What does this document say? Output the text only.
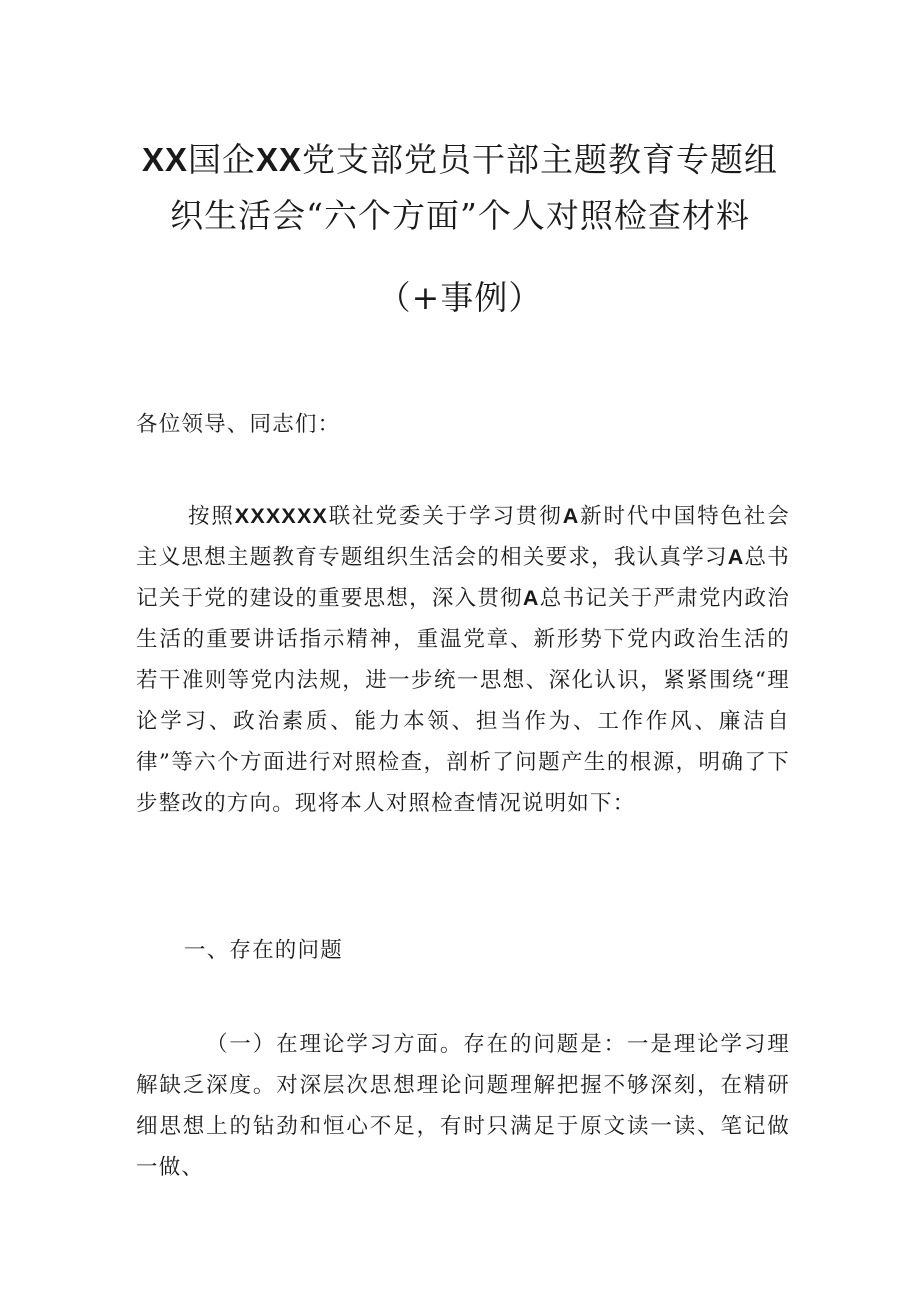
XX国企XX党支部党员干部主题教育专题组
织生活会“六个方面”个人对照检查材料
（+事例）
各位领导、同志们：
按照XXXXXX联社党委关于学习贯彻A新时代中国特色社会主义思想主题教育专题组织生活会的相关要求，我认真学习A总书记关于党的建设的重要思想，深入贯彻A总书记关于严肃党内政治生活的重要讲话指示精神，重温党章、新形势下党内政治生活的若干准则等党内法规，进一步统一思想、深化认识，紧紧围绕“理论学习、政治素质、能力本领、担当作为、工作作风、廉洁自律”等六个方面进行对照检查，剖析了问题产生的根源，明确了下步整改的方向。现将本人对照检查情况说明如下：
一、存在的问题
（一）在理论学习方面。存在的问题是：一是理论学习理解缺乏深度。对深层次思想理论问题理解把握不够深刻，在精研细思想上的钻劲和恒心不足，有时只满足于原文读一读、笔记做一做、
